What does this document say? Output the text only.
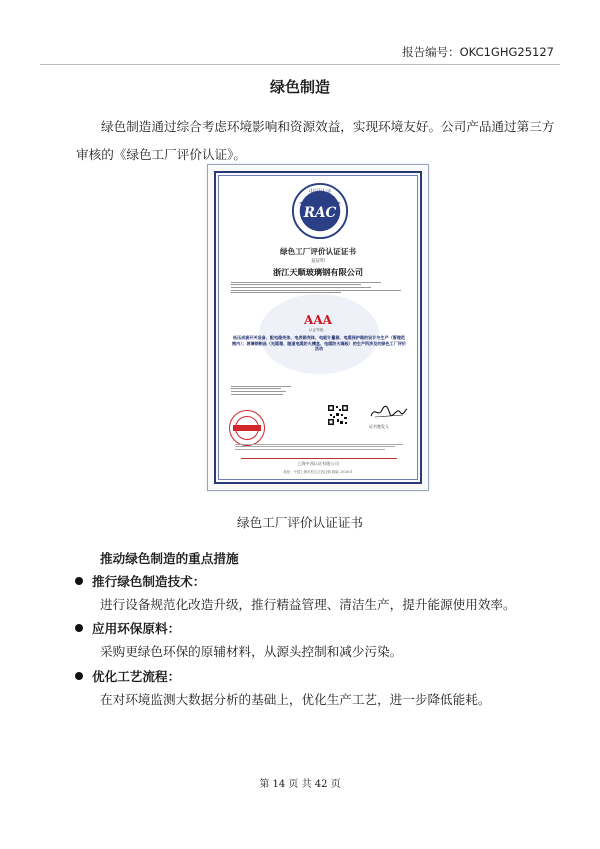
报告编号：OKC1GHG25127
绿色制造
绿色制造通过综合考虑环境影响和资源效益，实现环境友好。公司产品通过第三方审核的《绿色工厂评价认证》。
中国认证
RAC
绿色工厂评价认证证书
兹证明
浙江天顺玻璃钢有限公司
AAA
认证等级：
低压成套开关设备、配电箱壳体、电表箱壳体、电能计量箱、电缆保护箱的设计与生产（管理范围内）；玻璃钢制品（光缆箱、隧道电缆防火槽盒、电缆防火隔板）的生产所涉及的绿色工厂评价活动
证书签发人
上海中西认证有限公司
地址：中国上海市松江区泗泾镇 邮编 201601
绿色工厂评价认证证书
推动绿色制造的重点措施
推行绿色制造技术：
进行设备规范化改造升级，推行精益管理、清洁生产，提升能源使用效率。
应用环保原料：
采购更绿色环保的原辅材料，从源头控制和减少污染。
优化工艺流程：
在对环境监测大数据分析的基础上，优化生产工艺，进一步降低能耗。
第 14 页 共 42 页
